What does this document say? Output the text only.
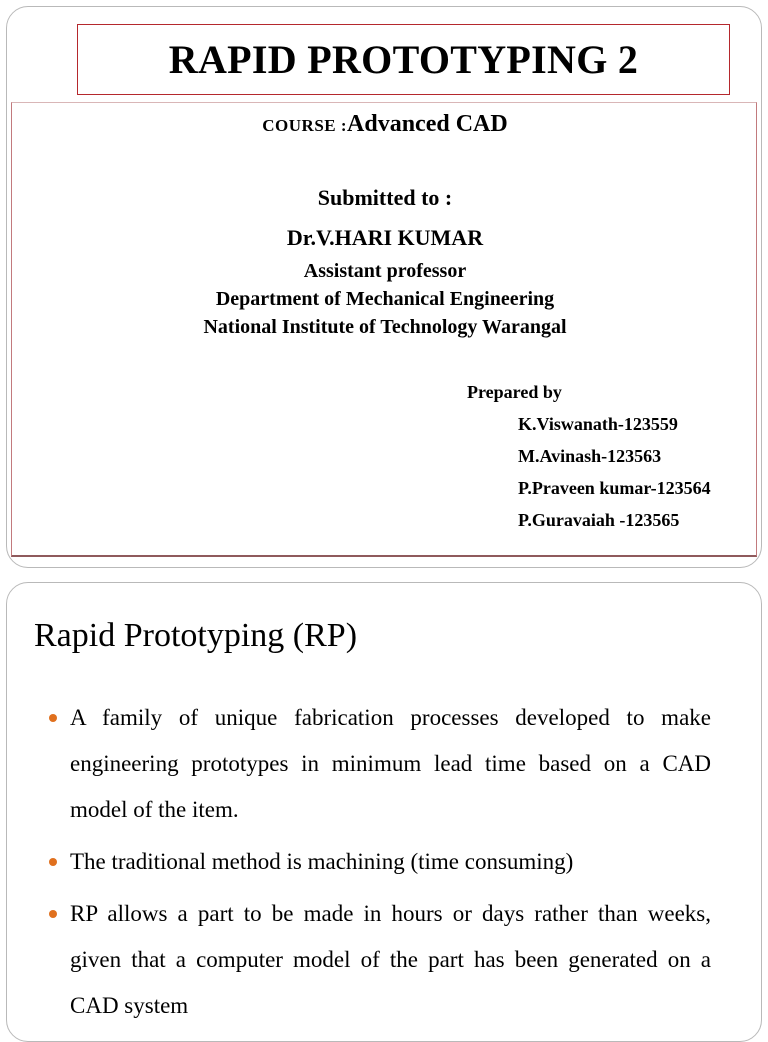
RAPID PROTOTYPING 2
COURSE :Advanced CAD
Submitted to :
Dr.V.HARI KUMAR
Assistant professor
Department of Mechanical Engineering
National Institute of Technology Warangal
Prepared by
K.Viswanath-123559
M.Avinash-123563
P.Praveen kumar-123564
P.Guravaiah -123565
Rapid Prototyping (RP)
A family of unique fabrication processes developed to make engineering prototypes in minimum lead time based on a CAD model of the item.
The traditional method is machining (time consuming)
RP allows a part to be made in hours or days rather than weeks, given that a computer model of the part has been generated on a CAD system
